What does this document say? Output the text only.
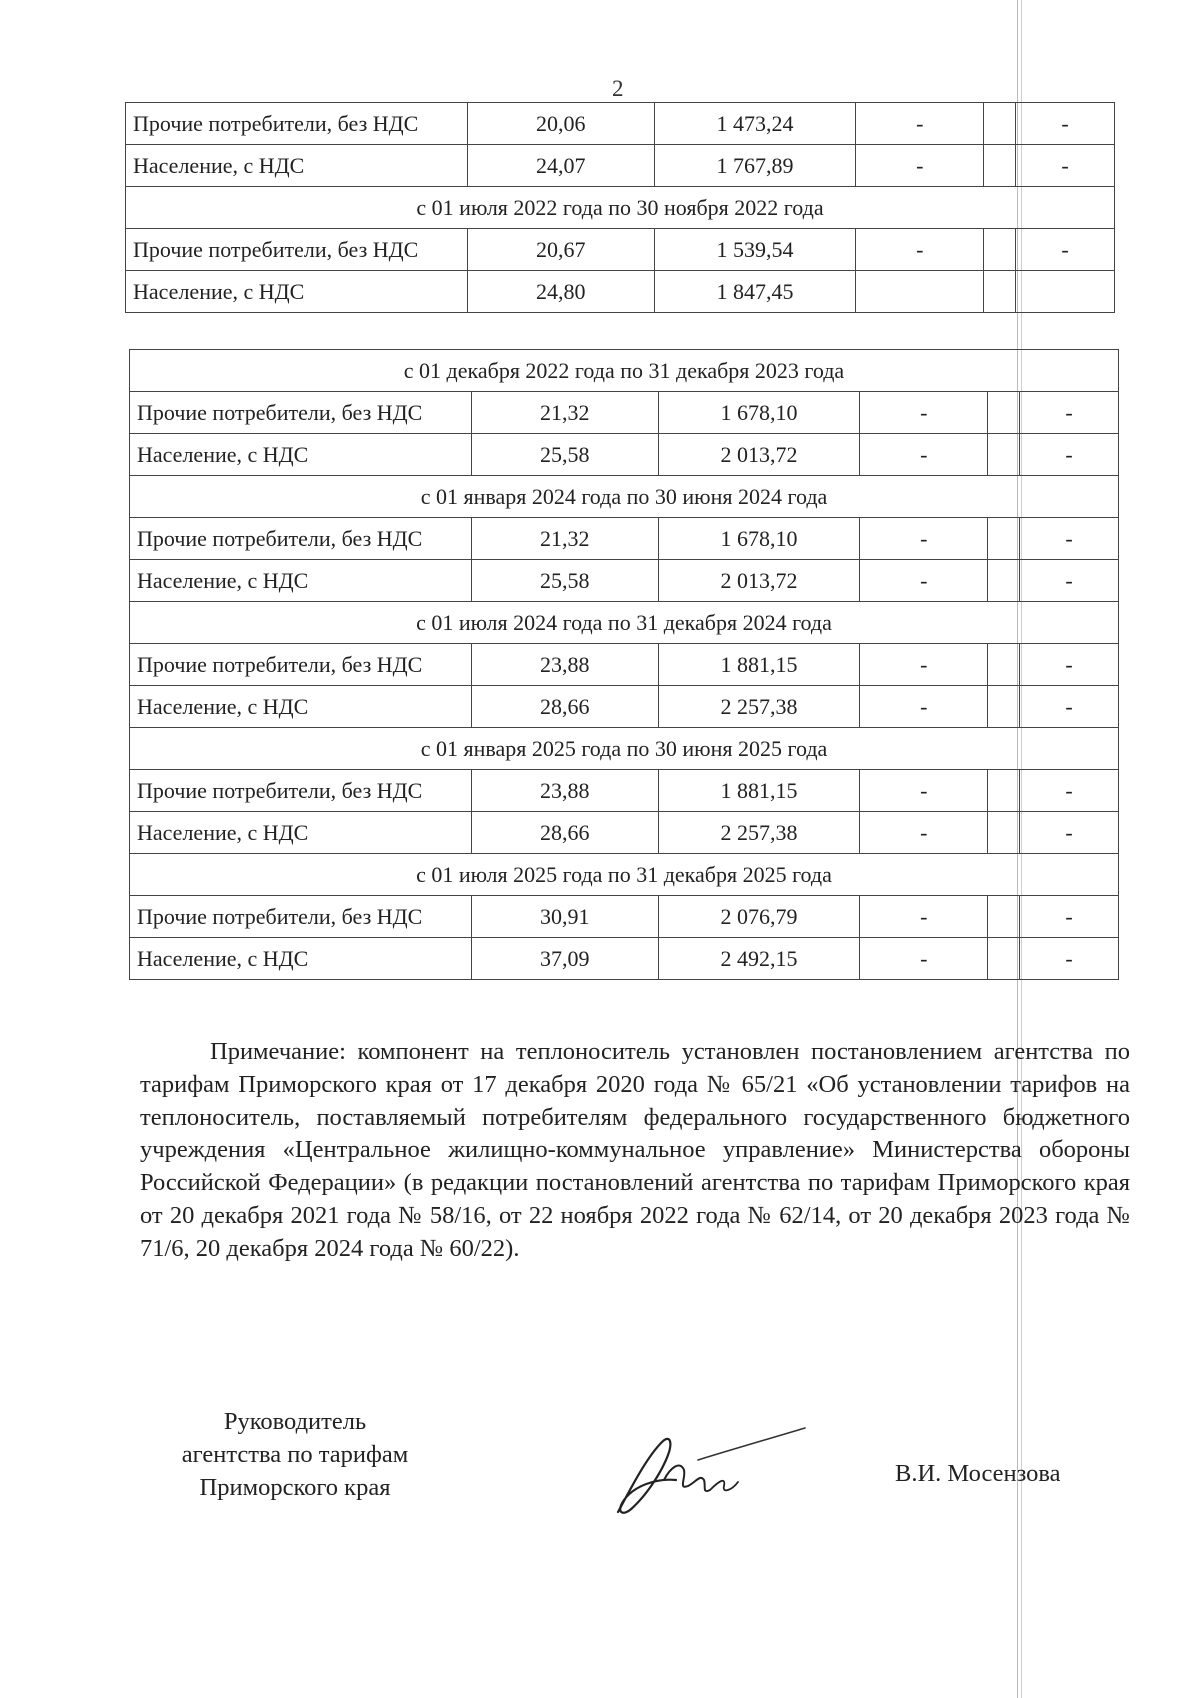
2
Прочие потребители, без НДС	20,06	1 473,24	-		-
Население, с НДС	24,07	1 767,89	-		-
с 01 июля 2022 года по 30 ноября 2022 года					
Прочие потребители, без НДС	20,67	1 539,54	-		-
Население, с НДС	24,80	1 847,45			
с 01 декабря 2022 года по 31 декабря 2023 года					
Прочие потребители, без НДС	21,32	1 678,10	-		-
Население, с НДС	25,58	2 013,72	-		-
с 01 января 2024 года по 30 июня 2024 года					
Прочие потребители, без НДС	21,32	1 678,10	-		-
Население, с НДС	25,58	2 013,72	-		-
с 01 июля 2024 года по 31 декабря 2024 года					
Прочие потребители, без НДС	23,88	1 881,15	-		-
Население, с НДС	28,66	2 257,38	-		-
с 01 января 2025 года по 30 июня 2025 года					
Прочие потребители, без НДС	23,88	1 881,15	-		-
Население, с НДС	28,66	2 257,38	-		-
с 01 июля 2025 года по 31 декабря 2025 года					
Прочие потребители, без НДС	30,91	2 076,79	-		-
Население, с НДС	37,09	2 492,15	-		-
Примечание: компонент на теплоноситель установлен постановлением агентства по тарифам Приморского края от 17 декабря 2020 года № 65/21 «Об установлении тарифов на теплоноситель, поставляемый потребителям федерального государственного бюджетного учреждения «Центральное жилищно-коммунальное управление» Министерства обороны Российской Федерации» (в редакции постановлений агентства по тарифам Приморского края от 20 декабря 2021 года № 58/16, от 22 ноября 2022 года № 62/14, от 20 декабря 2023 года № 71/6, 20 декабря 2024 года № 60/22).
Руководитель
агентства по тарифам
Приморского края
В.И. Мосензова
